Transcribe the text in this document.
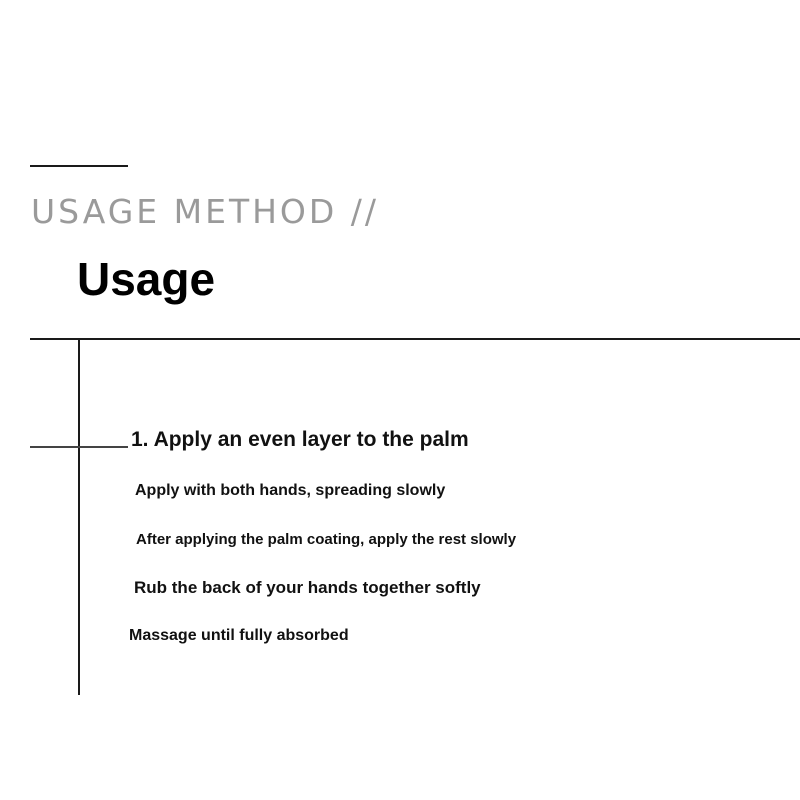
USAGE METHOD //
Usage
1. Apply an even layer to the palm
Apply with both hands, spreading slowly
After applying the palm coating, apply the rest slowly
Rub the back of your hands together softly
Massage until fully absorbed
